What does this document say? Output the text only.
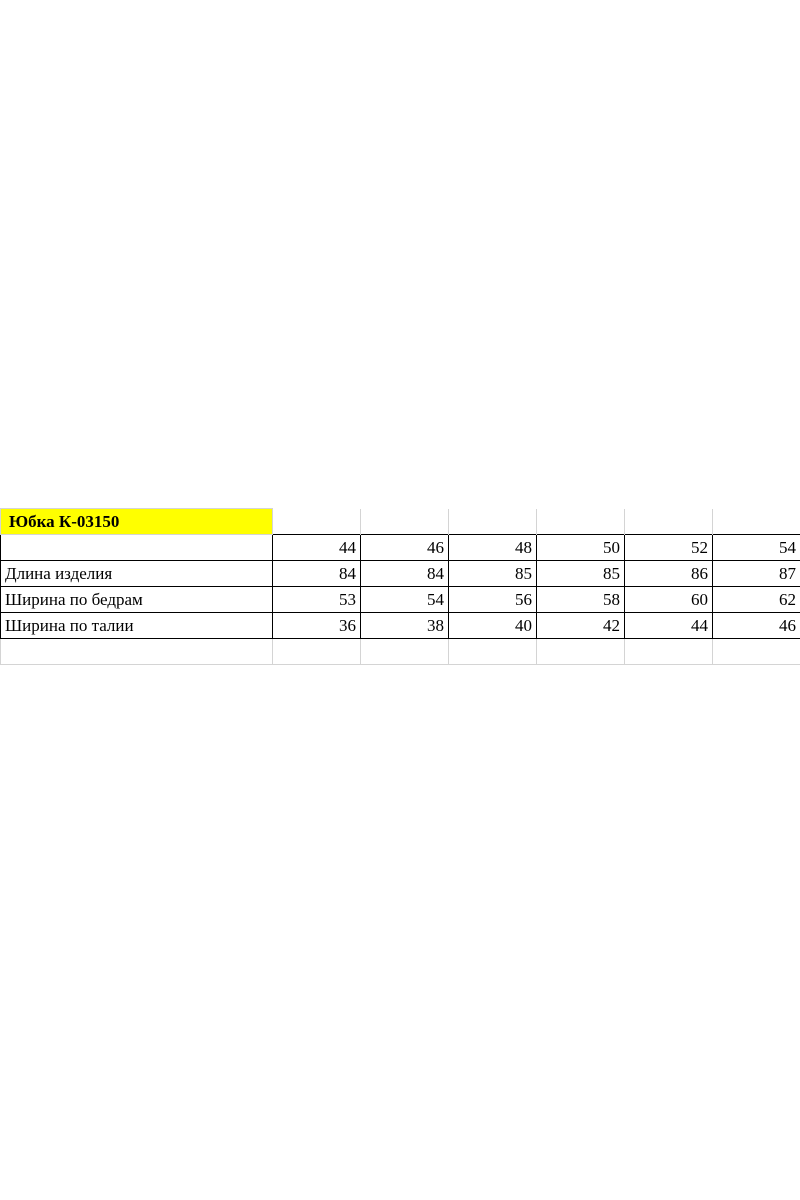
Юбка К-03150						
	44	46	48	50	52	54
Длина изделия	84	84	85	85	86	87
Ширина по бедрам	53	54	56	58	60	62
Ширина по талии	36	38	40	42	44	46
